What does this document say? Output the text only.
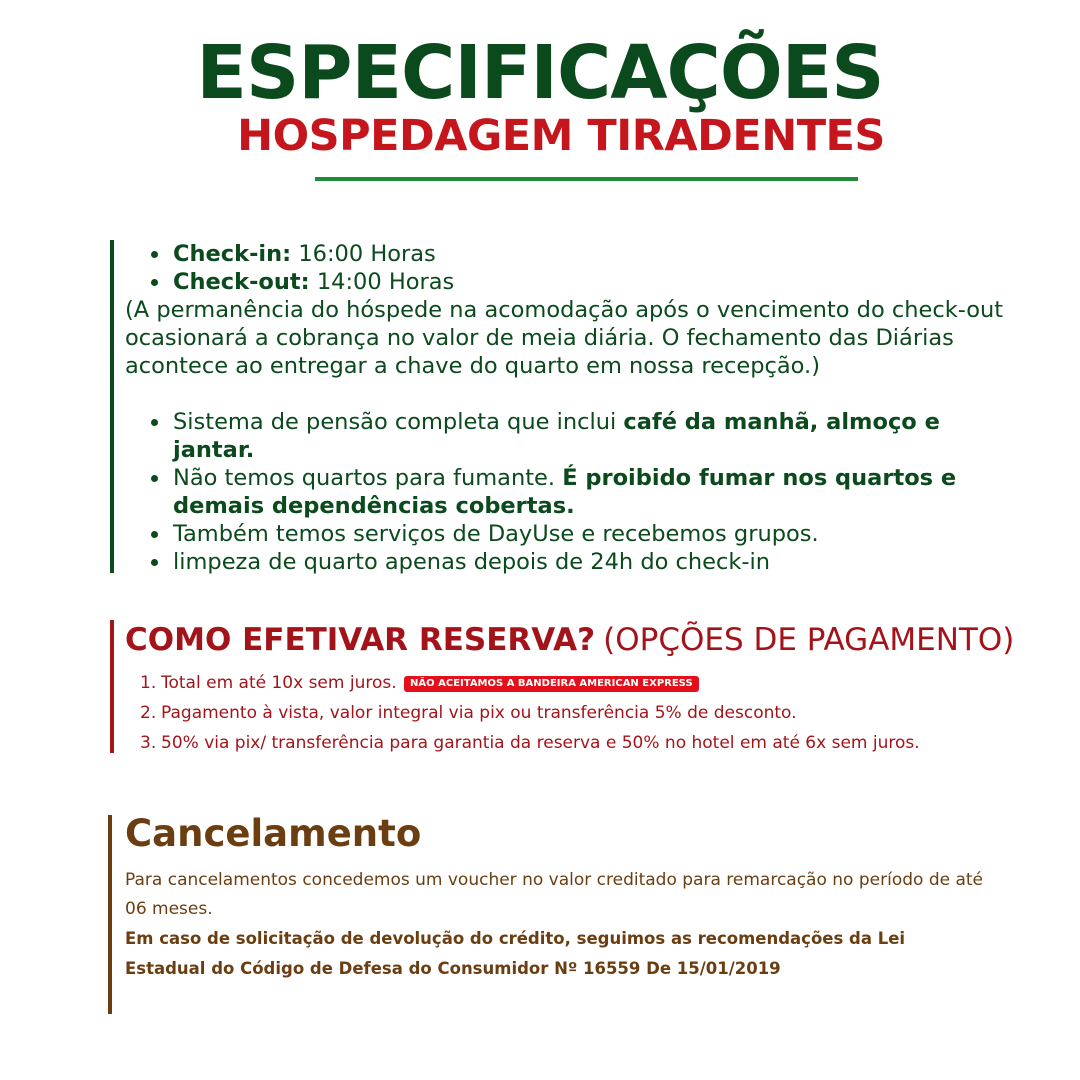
ESPECIFICAÇÕES
HOSPEDAGEM TIRADENTES
Check-in: 16:00 Horas
Check-out: 14:00 Horas

(A permanência do hóspede na acomodação após o vencimento do check-out ocasionará a cobrança no valor de meia diária. O fechamento das Diárias acontece ao entregar a chave do quarto em nossa recepção.)

Sistema de pensão completa que inclui café da manhã, almoço e jantar.
Não temos quartos para fumante. É proibido fumar nos quartos e demais dependências cobertas.
Também temos serviços de DayUse e recebemos grupos.
limpeza de quarto apenas depois de 24h do check-in
COMO EFETIVAR RESERVA? (OPÇÕES DE PAGAMENTO)
1. Total em até 10x sem juros. NÃO ACEITAMOS A BANDEIRA AMERICAN EXPRESS
2. Pagamento à vista, valor integral via pix ou transferência 5% de desconto.
3. 50% via pix/ transferência para garantia da reserva e 50% no hotel em até 6x sem juros.
Cancelamento
Para cancelamentos concedemos um voucher no valor creditado para remarcação no período de até 06 meses.
Em caso de solicitação de devolução do crédito, seguimos as recomendações da Lei Estadual do Código de Defesa do Consumidor Nº 16559 De 15/01/2019
